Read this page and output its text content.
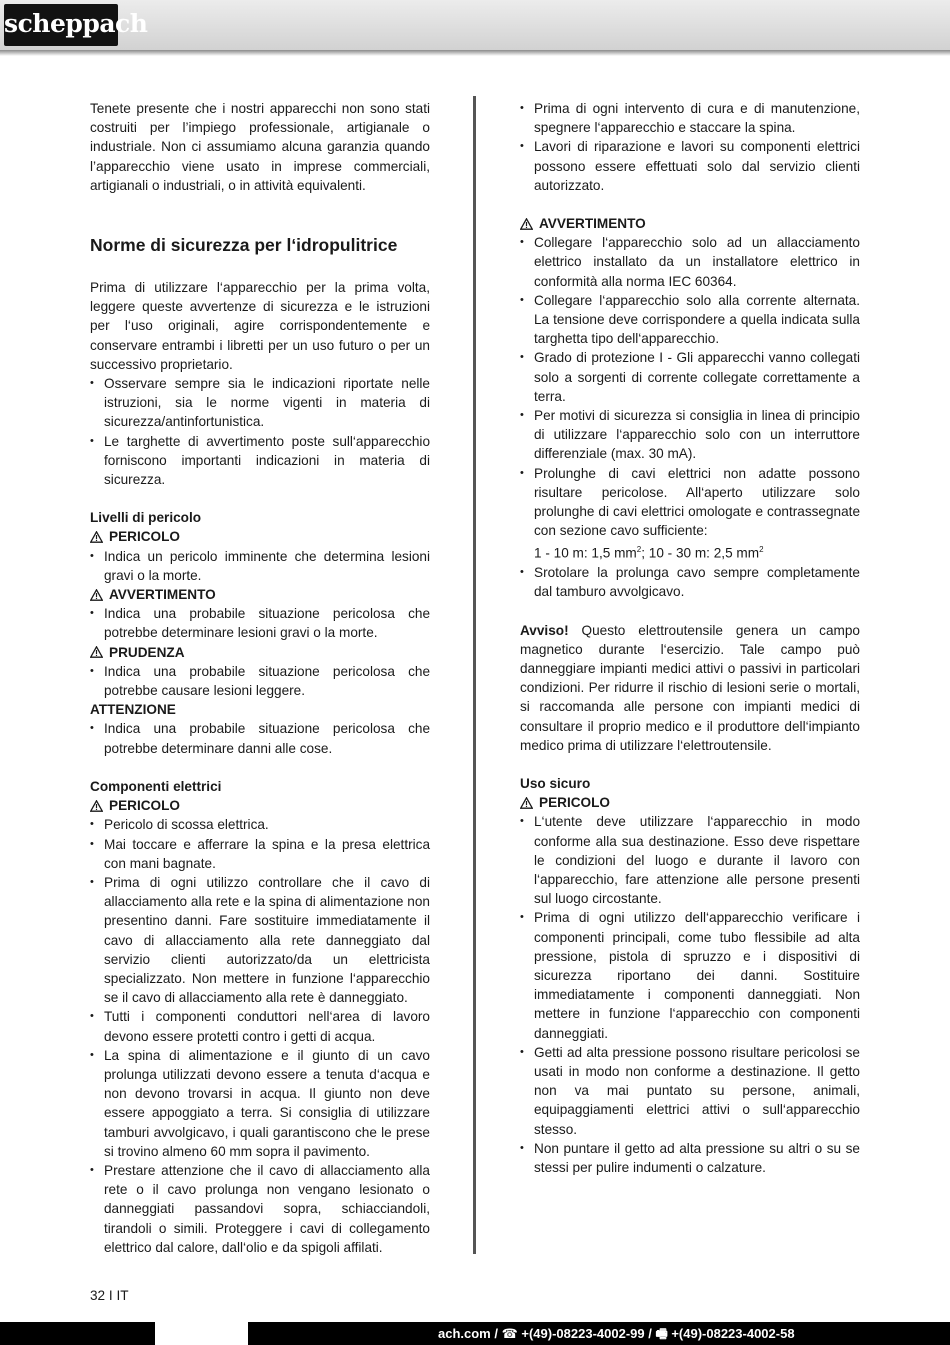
scheppach

Tenete presente che i nostri apparecchi non sono stati costruiti per l’impiego professionale, artigianale o industriale. Non ci assumiamo alcuna garanzia quando l’apparecchio viene usato in imprese commerciali, artigianali o industriali, o in attività equivalenti.

Norme di sicurezza per l‘idropulitrice

Prima di utilizzare l‘apparecchio per la prima volta, leggere queste avvertenze di sicurezza e le istruzioni per l‘uso originali, agire corrispondentemente e conservare entrambi i libretti per un uso futuro o per un successivo proprietario.

• Osservare sempre sia le indicazioni riportate nelle istruzioni, sia le norme vigenti in materia di sicurezza/antinfortunistica.
• Le targhette di avvertimento poste sull‘apparecchio forniscono importanti indicazioni in materia di sicurezza.

Livelli di pericolo

PERICOLO

• Indica un pericolo imminente che determina lesioni gravi o la morte.

AVVERTIMENTO

• Indica una probabile situazione pericolosa che potrebbe determinare lesioni gravi o la morte.

PRUDENZA

• Indica una probabile situazione pericolosa che potrebbe causare lesioni leggere.

ATTENZIONE

• Indica una probabile situazione pericolosa che potrebbe determinare danni alle cose.

Componenti elettrici

PERICOLO

• Pericolo di scossa elettrica.
• Mai toccare e afferrare la spina e la presa elettrica con mani bagnate.
• Prima di ogni utilizzo controllare che il cavo di allacciamento alla rete e la spina di alimentazione non presentino danni. Fare sostituire immediatamente il cavo di allacciamento alla rete danneggiato dal servizio clienti autorizzato/da un elettricista specializzato. Non mettere in funzione l‘apparecchio se il cavo di allacciamento alla rete è danneggiato.
• Tutti i componenti conduttori nell‘area di lavoro devono essere protetti contro i getti di acqua.
• La spina di alimentazione e il giunto di un cavo prolunga utilizzati devono essere a tenuta d‘acqua e non devono trovarsi in acqua. Il giunto non deve essere appoggiato a terra. Si consiglia di utilizzare tamburi avvolgicavo, i quali garantiscono che le prese si trovino almeno 60 mm sopra il pavimento.
• Prestare attenzione che il cavo di allacciamento alla rete o il cavo prolunga non vengano lesionato o danneggiati passandovi sopra, schiacciandoli, tirandoli o simili. Proteggere i cavi di collegamento elettrico dal calore, dall‘olio e da spigoli affilati.
• Prima di ogni intervento di cura e di manutenzione, spegnere l‘apparecchio e staccare la spina.
• Lavori di riparazione e lavori su componenti elettrici possono essere effettuati solo dal servizio clienti autorizzato.

AVVERTIMENTO

• Collegare l‘apparecchio solo ad un allacciamento elettrico installato da un installatore elettrico in conformità alla norma IEC 60364.
• Collegare l‘apparecchio solo alla corrente alternata. La tensione deve corrispondere a quella indicata sulla targhetta tipo dell‘apparecchio.
• Grado di protezione I - Gli apparecchi vanno collegati solo a sorgenti di corrente collegate correttamente a terra.
• Per motivi di sicurezza si consiglia in linea di principio di utilizzare l‘apparecchio solo con un interruttore differenziale (max. 30 mA).
• Prolunghe di cavi elettrici non adatte possono risultare pericolose. All‘aperto utilizzare solo prolunghe di cavi elettrici omologate e contrassegnate con sezione cavo sufficiente:

1 - 10 m: 1,5 $mm^2$; 10 - 30 m: 2,5 $mm^2$

• Srotolare la prolunga cavo sempre completamente dal tamburo avvolgicavo.

Avviso! Questo elettroutensile genera un campo magnetico durante l‘esercizio. Tale campo può danneggiare impianti medici attivi o passivi in particolari condizioni. Per ridurre il rischio di lesioni serie o mortali, si raccomanda alle persone con impianti medici di consultare il proprio medico e il produttore dell‘impianto medico prima di utilizzare l‘elettroutensile.

Uso sicuro

PERICOLO

• L‘utente deve utilizzare l‘apparecchio in modo conforme alla sua destinazione. Esso deve rispettare le condizioni del luogo e durante il lavoro con l‘apparecchio, fare attenzione alle persone presenti sul luogo circostante.
• Prima di ogni utilizzo dell‘apparecchio verificare i componenti principali, come tubo flessibile ad alta pressione, pistola di spruzzo e i dispositivi di sicurezza riportano dei danni. Sostituire immediatamente i componenti danneggiati. Non mettere in funzione l‘apparecchio con componenti danneggiati.
• Getti ad alta pressione possono risultare pericolosi se usati in modo non conforme a destinazione. Il getto non va mai puntato su persone, animali, equipaggiamenti elettrici attivi o sull‘apparecchio stesso.
• Non puntare il getto ad alta pressione su altri o su se stessi per pulire indumenti o calzature.
32 I IT
ach.com / ☎ +(49)-08223-4002-99 / 🖷 +(49)-08223-4002-58
